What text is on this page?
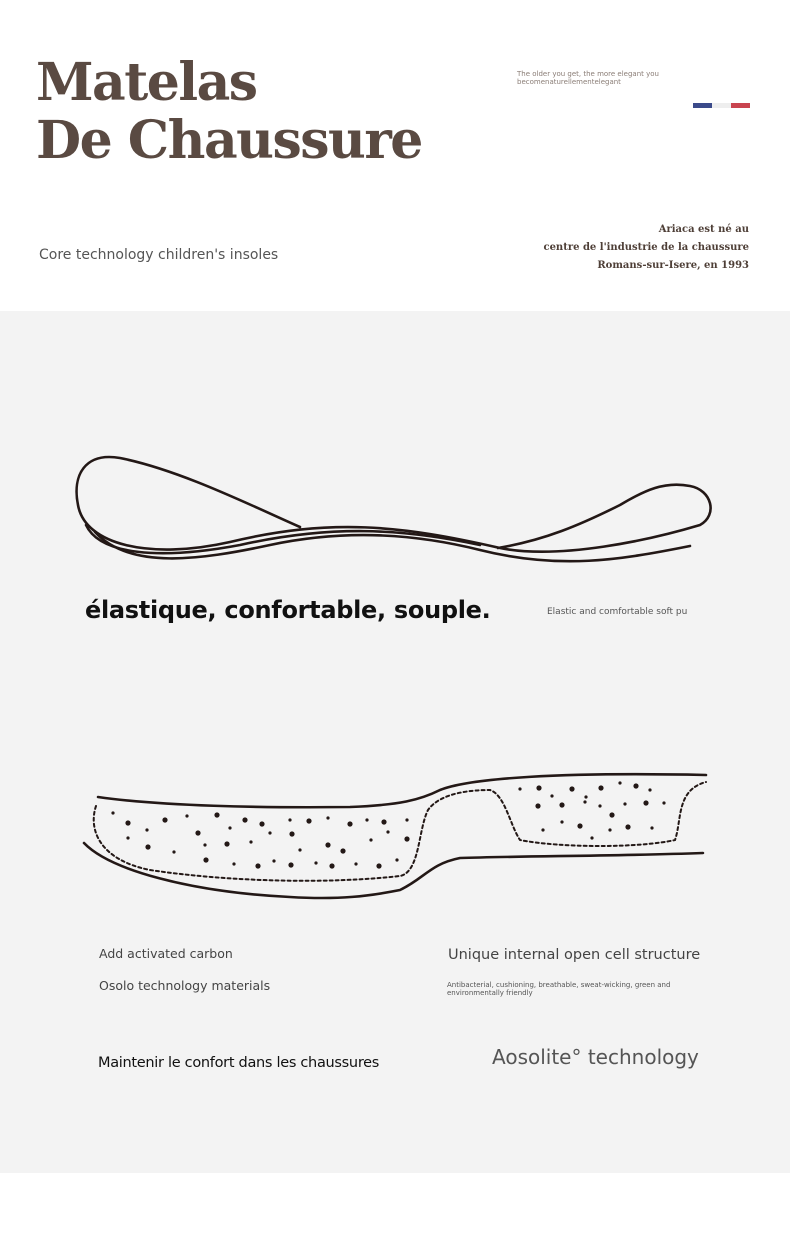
Matelas
De Chaussure
The older you get, the more elegant you
becomenaturellementelegant
Core technology children's insoles
Ariaca est né au
centre de l'industrie de la chaussure
Romans-sur-Isere, en 1993
élastique, confortable, souple.	Elastic and comfortable soft pu
Add activated carbon
Osolo technology materials
Unique internal open cell structure
Antibacterial, cushioning, breathable, sweat-wicking, green and environmentally friendly
Maintenir le confort dans les chaussures	Aosolite° technology
